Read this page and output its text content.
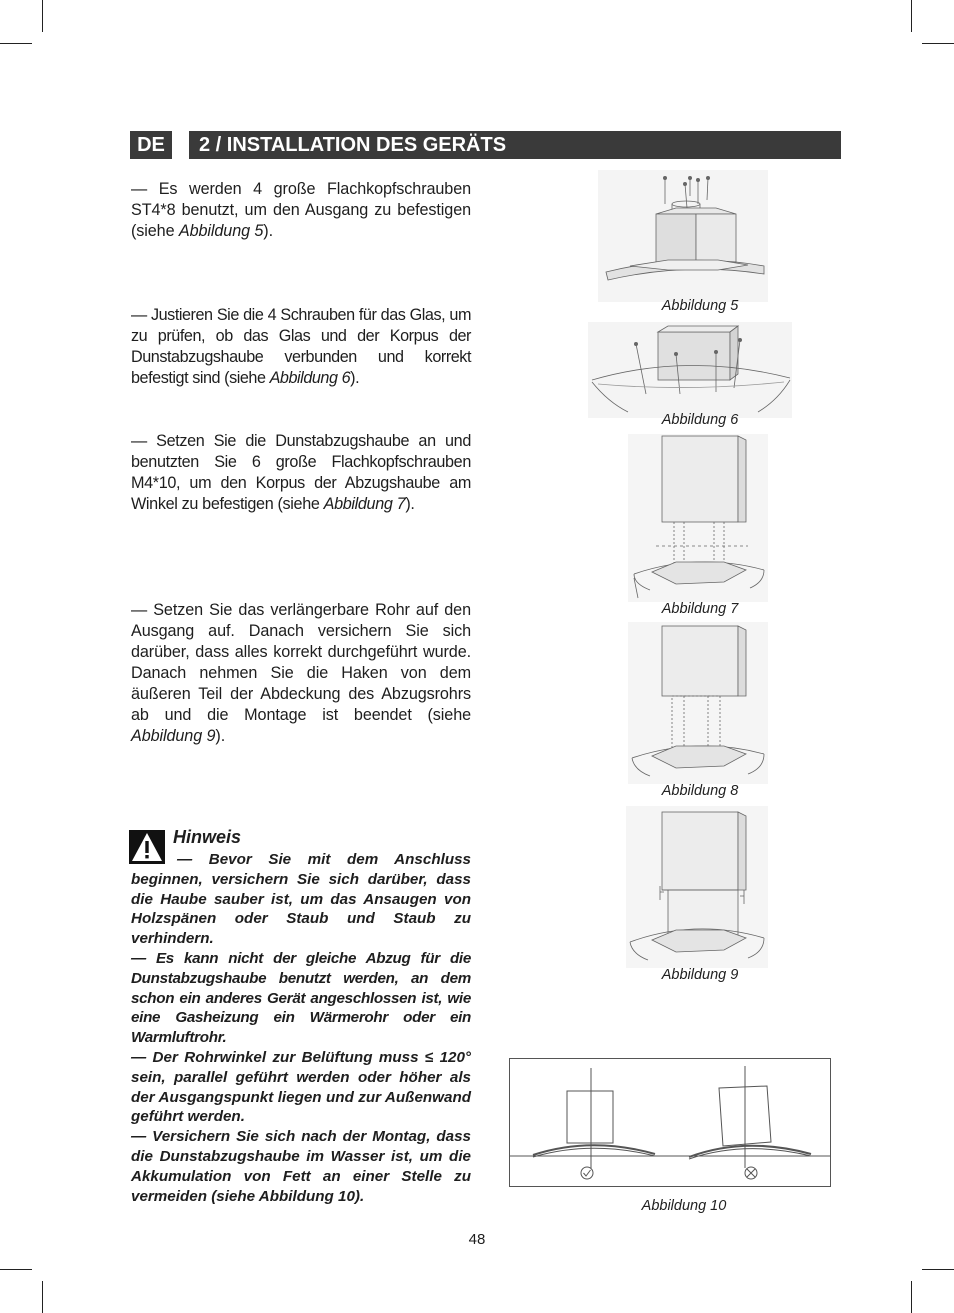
DE	2 / INSTALLATION DES GERÄTS
— Es werden 4 große Flachkopfschrauben ST4*8 benutzt, um den Ausgang zu befestigen (siehe Abbildung 5).
— Justieren Sie die 4 Schrauben für das Glas, um zu prüfen, ob das Glas und der Korpus der Dunstabzugshaube verbunden und korrekt befestigt sind (siehe Abbildung 6).
— Setzen Sie die Dunstabzugshaube an und benutzten Sie 6 große Flachkopfschrauben M4*10, um den Korpus der Abzugshaube am Winkel zu befestigen (siehe Abbildung 7).
— Setzen Sie das verlängerbare Rohr auf den Ausgang auf. Danach versichern Sie sich darüber, dass alles korrekt durchgeführt wurde. Danach nehmen Sie die Haken von dem äußeren Teil der Abdeckung des Abzugsrohrs ab und die Montage ist beendet (siehe Abbildung 9).
Hinweis

— Bevor Sie mit dem Anschluss beginnen, versichern Sie sich darüber, dass die Haube sauber ist, um das Ansaugen von Holzspänen oder Staub und Staub zu verhindern.

— Es kann nicht der gleiche Abzug für die Dunstabzugshaube benutzt werden, an dem schon ein anderes Gerät angeschlossen ist, wie eine Gasheizung ein Wärmerohr oder ein Warmluftrohr.

— Der Rohrwinkel zur Belüftung muss ≤ 120° sein, parallel geführt werden oder höher als der Ausgangspunkt liegen und zur Außenwand geführt werden.

— Versichern Sie sich nach der Montag, dass die Dunstabzugshaube im Wasser ist, um die Akkumulation von Fett an einer Stelle zu vermeiden (siehe Abbildung 10).

Abbildung 5
Abbildung 6
Abbildung 7
Abbildung 8
Abbildung 9
Abbildung 10
48
